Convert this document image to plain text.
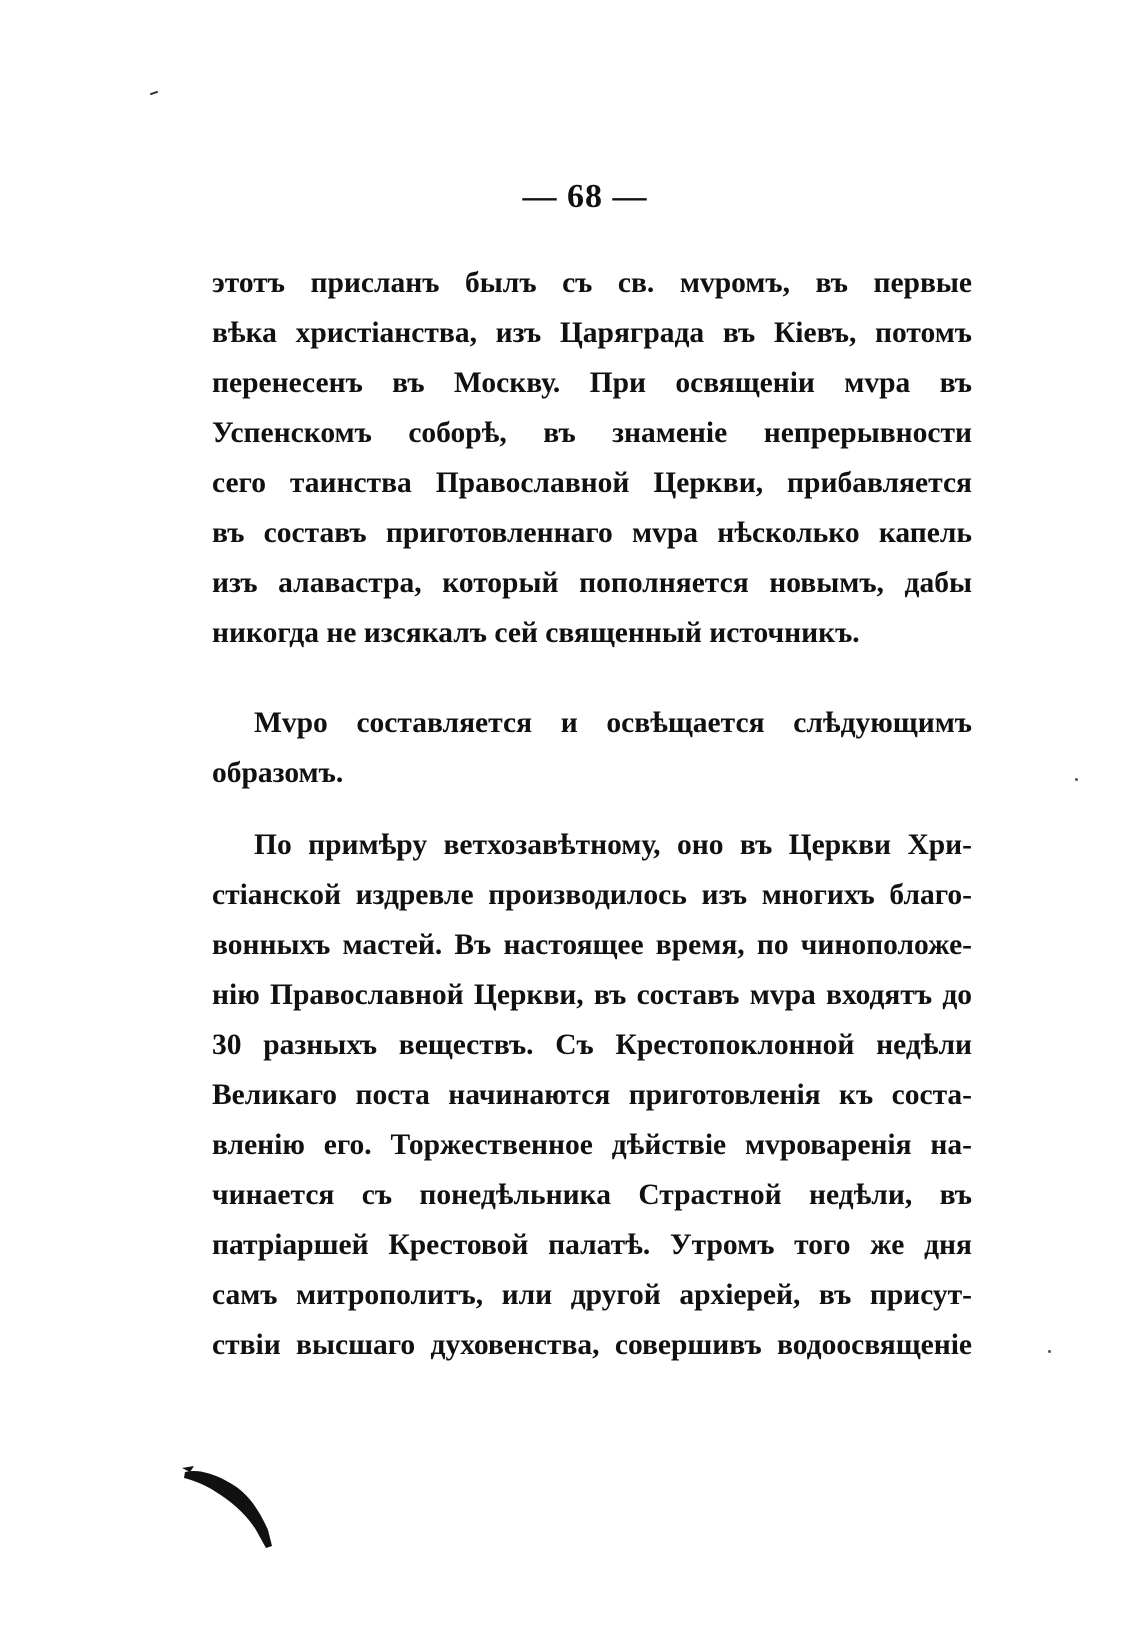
— 68 —
этотъ присланъ былъ съ св. мvромъ, въ первые
вѣка христіанства, изъ Царяграда въ Кіевъ, потомъ
перенесенъ въ Москву. При освященіи мvра въ
Успенскомъ соборѣ, въ знаменіе непрерывности
сего таинства Православной Церкви, прибавляется
въ составъ приготовленнаго мvра нѣсколько капель
изъ алавастра, который пополняется новымъ, дабы
никогда не изсякалъ сей священный источникъ.
Мvро составляется и освѣщается слѣдующимъ
образомъ.
По примѣру ветхозавѣтному, оно въ Церкви Хри-
стіанской издревле производилось изъ многихъ благо-
вонныхъ мастей. Въ настоящее время, по чиноположе-
нію Православной Церкви, въ составъ мvра входятъ до
30 разныхъ веществъ. Съ Крестопоклонной недѣли
Великаго поста начинаются приготовленія къ соста-
вленію его. Торжественное дѣйствіе мvроваренія на-
чинается съ понедѣльника Страстной недѣли, въ
патріаршей Крестовой палатѣ. Утромъ того же дня
самъ митрополитъ, или другой архіерей, въ присут-
ствіи высшаго духовенства, совершивъ водоосвященіе
